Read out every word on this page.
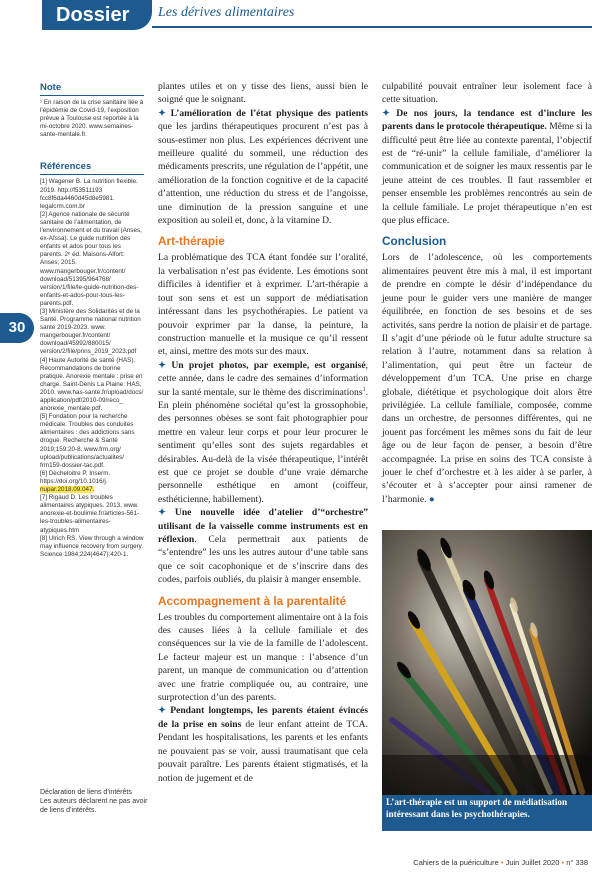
Dossier	Les dérives alimentaires
30
Note

¹ En raison de la crise sanitaire liée à l’épidémie de Covid-19, l’exposition prévue à Toulouse est reportée à la mi-octobre 2020. www.semaines-sante-mentale.fr.

Références

[1] Wagener B. La nutrition flexible. 2019. http://f53511193 fcc8f6da4460d45d8e5981. legalcrm.com.br

[2] Agence nationale de sécurité sanitaire de l’alimentation, de l’environnement et du travail (Anses, ex-Afssa). Le guide nutrition des enfants et ados pour tous les parents. 2ᵉ éd. Maisons-Alfort: Anses; 2015. www.mangerbouger.fr/content/ download/51395/964768/ version/1/file/le-guide-nutrition-des-enfants-et-ados-pour-tous-les-parents.pdf.

[3] Ministère des Solidarités et de la Santé. Programme national nutrition santé 2019-2023. www. mangerbouger.fr/content/ download/45992/880015/ version/2/file/pnns_2019_2023.pdf

[4] Haute Autorité de santé (HAS). Recommandations de bonne pratique. Anorexie mentale : prise en charge. Saint-Denis La Plaine: HAS; 2010. www.has-sante.fr/upload/docs/ application/pdf/2010-09/reco_ anorexie_mentale.pdf.

[5] Fondation pour la recherche médicale. Troubles des conduites alimentaires : des addictions sans drogue. Recherche & Santé 2019;159:20-8. www.frm.org/ upload/publications/actualites/ frm159-dossier-tac.pdf.

[6] Decheloitre P. Inserm. https://doi.org/10.1016/j. nupar.2018.09.047.

[7] Rigaud D. Les troubles alimentaires atypiques. 2013. www. anorexie-et-boulimie.fr/articles-561-les-troubles-alimentaires-atypiques.htm

[8] Ulrich RS. View through a window may influence recovery from surgery. Science 1984;224(4647):420-1.

Déclaration de liens d’intérêts

Les auteurs déclarent ne pas avoir de liens d’intérêts.

plantes utiles et on y tisse des liens, aussi bien le soigné que le soignant.

✦ L’amélioration de l’état physique des patients que les jardins thérapeutiques procurent n’est pas à sous-estimer non plus. Les expériences décrivent une meilleure qualité du sommeil, une réduction des médicaments prescrits, une régulation de l’appétit, une amélioration de la fonction cognitive et de la capacité d’attention, une réduction du stress et de l’angoisse, une diminution de la pression sanguine et une exposition au soleil et, donc, à la vitamine D.

Art-thérapie

La problématique des TCA étant fondée sur l’oralité, la verbalisation n’est pas évidente. Les émotions sont difficiles à identifier et à exprimer. L’art-thérapie a tout son sens et est un support de médiatisation intéressant dans les psychothérapies. Le patient va pouvoir exprimer par la danse, la peinture, la construction manuelle et la musique ce qu’il ressent et, ainsi, mettre des mots sur des maux.

✦ Un projet photos, par exemple, est organisé, cette année, dans le cadre des semaines d’information sur la santé mentale, sur le thème des discriminations$^1$. En plein phénomène sociétal qu’est la grossophobie, des personnes obèses se sont fait photographier pour mettre en valeur leur corps et pour leur procurer le sentiment qu’elles sont des sujets regardables et désirables. Au-delà de la visée thérapeutique, l’intérêt est que ce projet se double d’une vraie démarche personnelle esthétique en amont (coiffeur, esthéticienne, habillement).

✦ Une nouvelle idée d’atelier d’“orchestre” utilisant de la vaisselle comme instruments est en réflexion. Cela permettrait aux patients de “s’entendre” les uns les autres autour d’une table sans que ce soit cacophonique et de s’inscrire dans des codes, parfois oubliés, du plaisir à manger ensemble.

Accompagnement à la parentalité

Les troubles du comportement alimentaire ont à la fois des causes liées à la cellule familiale et des conséquences sur la vie de la famille de l’adolescent. Le facteur majeur est un manque : l’absence d’un parent, un manque de communication ou d’attention avec une fratrie compliquée ou, au contraire, une surprotection d’un des parents.

✦ Pendant longtemps, les parents étaient évincés de la prise en soins de leur enfant atteint de TCA. Pendant les hospitalisations, les parents et les enfants ne pouvaient pas se voir, aussi traumatisant que cela pouvait paraître. Les parents étaient stigmatisés, et la notion de jugement et de

culpabilité pouvait entraîner leur isolement face à cette situation.

✦ De nos jours, la tendance est d’inclure les parents dans le protocole thérapeutique. Même si la difficulté peut être liée au contexte parental, l’objectif est de “ré-unir” la cellule familiale, d’améliorer la communication et de soigner les maux ressentis par le jeune atteint de ces troubles. Il faut rassembler et penser ensemble les problèmes rencontrés au sein de la cellule familiale. Le projet thérapeutique n’en est que plus efficace.

Conclusion

Lors de l’adolescence, où les comportements alimentaires peuvent être mis à mal, il est important de prendre en compte le désir d’indépendance du jeune pour le guider vers une manière de manger équilibrée, en fonction de ses besoins et de ses activités, sans perdre la notion de plaisir et de partage. Il s’agit d’une période où le futur adulte structure sa relation à l’autre, notamment dans sa relation à l’alimentation, qui peut être un facteur de développement d’un TCA. Une prise en charge globale, diététique et psychologique doit alors être privilégiée. La cellule familiale, composée, comme dans un orchestre, de personnes différentes, qui ne jouent pas forcément les mêmes sons du fait de leur âge ou de leur façon de penser, a besoin d’être accompagnée. La prise en soins des TCA consiste à jouer le chef d’orchestre et à les aider à se parler, à s’écouter et à s’accepter pour ainsi ramener de l’harmonie. ●

L’art-thérapie est un support de médiatisation intéressant dans les psychothérapies.
Cahiers de la puériculture • Juin Juillet 2020 • n° 338
